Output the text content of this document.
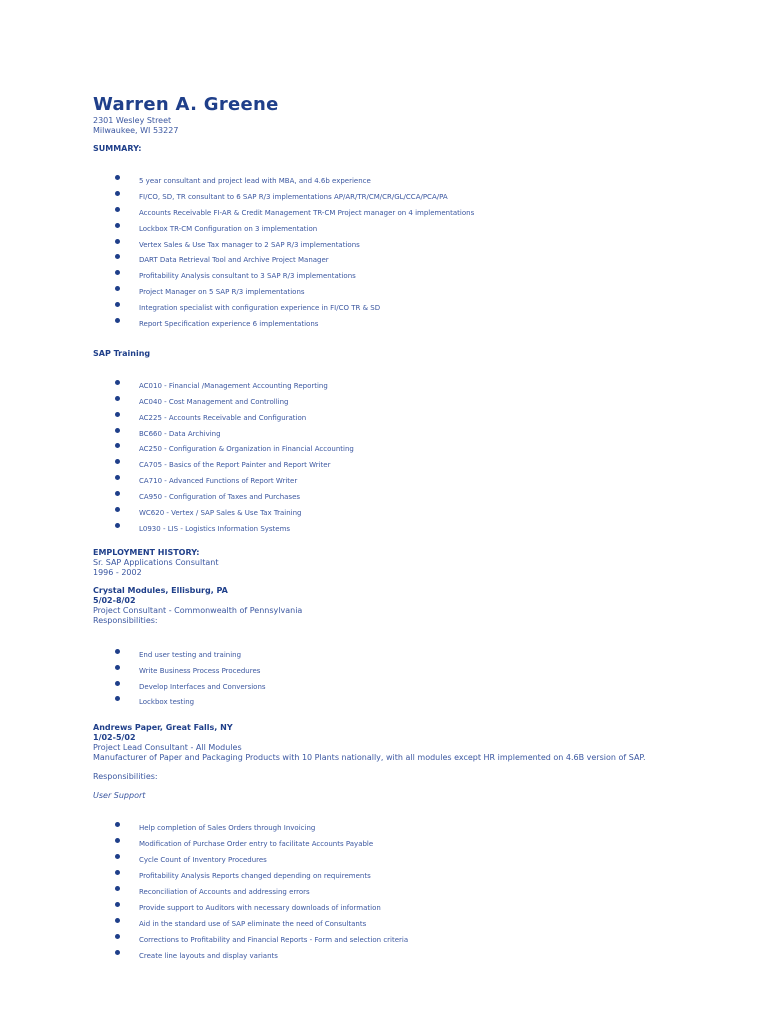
Warren A. Greene
2301 Wesley Street
Milwaukee, WI 53227
SUMMARY:
5 year consultant and project lead with MBA, and 4.6b experience
FI/CO, SD, TR consultant to 6 SAP R/3 implementations AP/AR/TR/CM/CR/GL/CCA/PCA/PA
Accounts Receivable FI-AR & Credit Management TR-CM Project manager on 4 implementations
Lockbox TR-CM Configuration on 3 implementation
Vertex Sales & Use Tax manager to 2 SAP R/3 implementations
DART Data Retrieval Tool and Archive Project Manager
Profitability Analysis consultant to 3 SAP R/3 implementations
Project Manager on 5 SAP R/3 implementations
Integration specialist with configuration experience in FI/CO TR & SD
Report Specification experience 6 implementations
SAP Training
AC010 - Financial /Management Accounting Reporting
AC040 - Cost Management and Controlling
AC225 - Accounts Receivable and Configuration
BC660 - Data Archiving
AC250 - Configuration & Organization in Financial Accounting
CA705 - Basics of the Report Painter and Report Writer
CA710 - Advanced Functions of Report Writer
CA950 - Configuration of Taxes and Purchases
WC620 - Vertex / SAP Sales & Use Tax Training
L0930 - LIS - Logistics Information Systems
EMPLOYMENT HISTORY:
Sr. SAP Applications Consultant
1996 - 2002
Crystal Modules, Ellisburg, PA
5/02-8/02
Project Consultant - Commonwealth of Pennsylvania
Responsibilities:
End user testing and training
Write Business Process Procedures
Develop Interfaces and Conversions
Lockbox testing
Andrews Paper, Great Falls, NY
1/02-5/02
Project Lead Consultant - All Modules
Manufacturer of Paper and Packaging Products with 10 Plants nationally, with all modules except HR implemented on 4.6B version of SAP.
Responsibilities:
User Support
Help completion of Sales Orders through Invoicing
Modification of Purchase Order entry to facilitate Accounts Payable
Cycle Count of Inventory Procedures
Profitability Analysis Reports changed depending on requirements
Reconciliation of Accounts and addressing errors
Provide support to Auditors with necessary downloads of information
Aid in the standard use of SAP eliminate the need of Consultants
Corrections to Profitability and Financial Reports - Form and selection criteria
Create line layouts and display variants
